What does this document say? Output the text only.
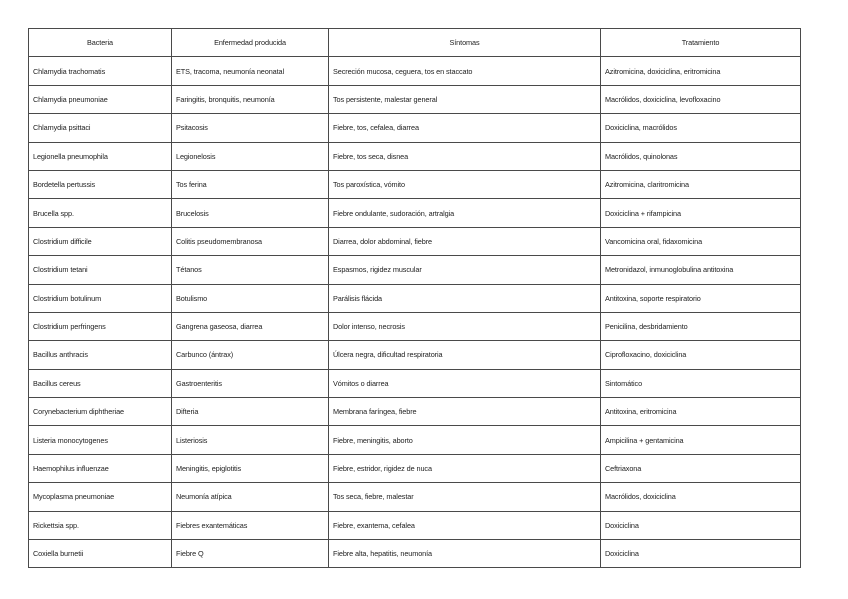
Bacteria	Enfermedad producida	Síntomas	Tratamiento
Chlamydia trachomatis	ETS, tracoma, neumonía neonatal	Secreción mucosa, ceguera, tos en staccato	Azitromicina, doxiciclina, eritromicina
Chlamydia pneumoniae	Faringitis, bronquitis, neumonía	Tos persistente, malestar general	Macrólidos, doxiciclina, levofloxacino
Chlamydia psittaci	Psitacosis	Fiebre, tos, cefalea, diarrea	Doxiciclina, macrólidos
Legionella pneumophila	Legionelosis	Fiebre, tos seca, disnea	Macrólidos, quinolonas
Bordetella pertussis	Tos ferina	Tos paroxística, vómito	Azitromicina, claritromicina
Brucella spp.	Brucelosis	Fiebre ondulante, sudoración, artralgia	Doxiciclina + rifampicina
Clostridium difficile	Colitis pseudomembranosa	Diarrea, dolor abdominal, fiebre	Vancomicina oral, fidaxomicina
Clostridium tetani	Tétanos	Espasmos, rigidez muscular	Metronidazol, inmunoglobulina antitoxina
Clostridium botulinum	Botulismo	Parálisis flácida	Antitoxina, soporte respiratorio
Clostridium perfringens	Gangrena gaseosa, diarrea	Dolor intenso, necrosis	Penicilina, desbridamiento
Bacillus anthracis	Carbunco (ántrax)	Úlcera negra, dificultad respiratoria	Ciprofloxacino, doxiciclina
Bacillus cereus	Gastroenteritis	Vómitos o diarrea	Sintomático
Corynebacterium diphtheriae	Difteria	Membrana faríngea, fiebre	Antitoxina, eritromicina
Listeria monocytogenes	Listeriosis	Fiebre, meningitis, aborto	Ampicilina + gentamicina
Haemophilus influenzae	Meningitis, epiglotitis	Fiebre, estridor, rigidez de nuca	Ceftriaxona
Mycoplasma pneumoniae	Neumonía atípica	Tos seca, fiebre, malestar	Macrólidos, doxiciclina
Rickettsia spp.	Fiebres exantemáticas	Fiebre, exantema, cefalea	Doxiciclina
Coxiella burnetii	Fiebre Q	Fiebre alta, hepatitis, neumonía	Doxiciclina
